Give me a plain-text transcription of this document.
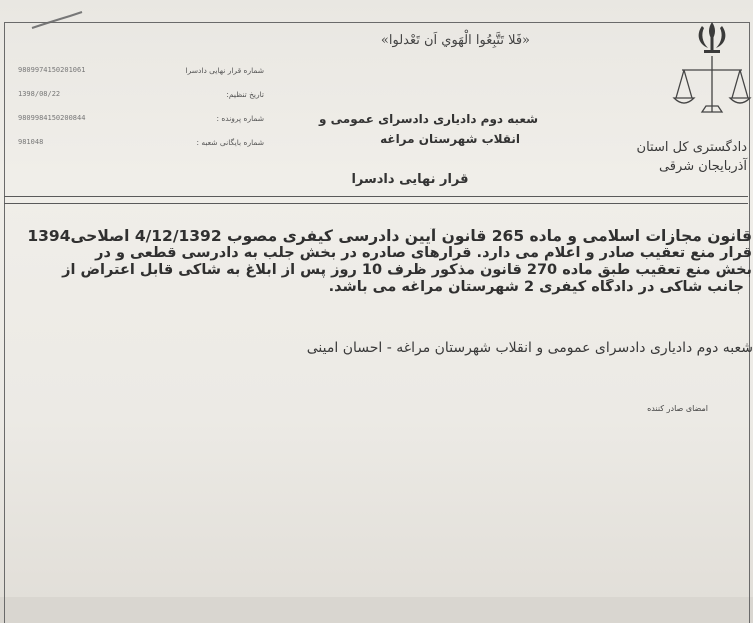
«فَلا تَتَّبِعُوا الْهَوي اَن تَعْدلوا»
دادگستری کل استان
آذربایجان شرقی
شعبه دوم دادیاری دادسرای عمومی و
انقلاب شهرستان مراغه
قرار نهایی دادسرا
9809974150201061	شماره قرار نهایی دادسرا
1398/08/22	تاریخ تنظیم:
9809984150200844	شماره پرونده :
981048	شماره بایگانی شعبه :
قانون مجازات اسلامی و ماده 265 قانون آیین دادرسی کیفری مصوب 4/12/1392 اصلاحی1394
قرار منع تعقیب صادر و اعلام می دارد. قرارهای صادره در بخش جلب به دادرسی قطعی و در
بخش منع تعقیب طبق ماده 270 قانون مذکور ظرف 10 روز پس از ابلاغ به شاکی قابل اعتراض از
جانب شاکی در دادگاه کیفری 2 شهرستان مراغه می باشد.
شعبه دوم دادیاری دادسرای عمومی و انقلاب شهرستان مراغه - احسان امینی
امضای صادر کننده
